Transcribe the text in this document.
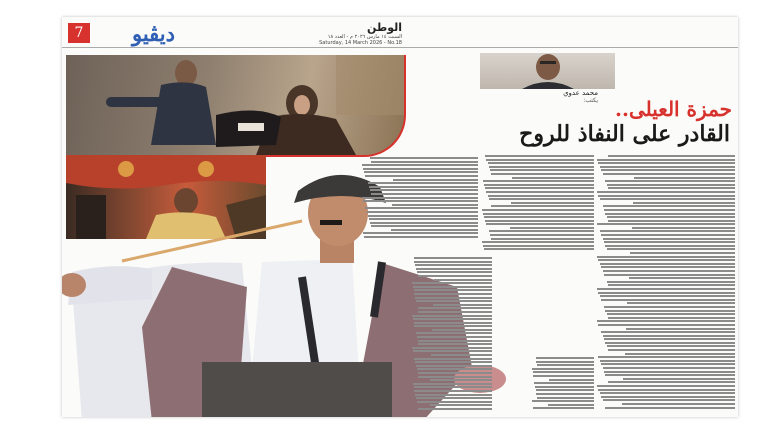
7	ديڤيو	الوطن
السبت ١٤ مارس ٢٠٢٦ م - العدد ١٨
Saturday, 14 March 2026 - No.18
محمد عدوي
يكتب: حمزة العيلى..
القادر على النفاذ للروح
